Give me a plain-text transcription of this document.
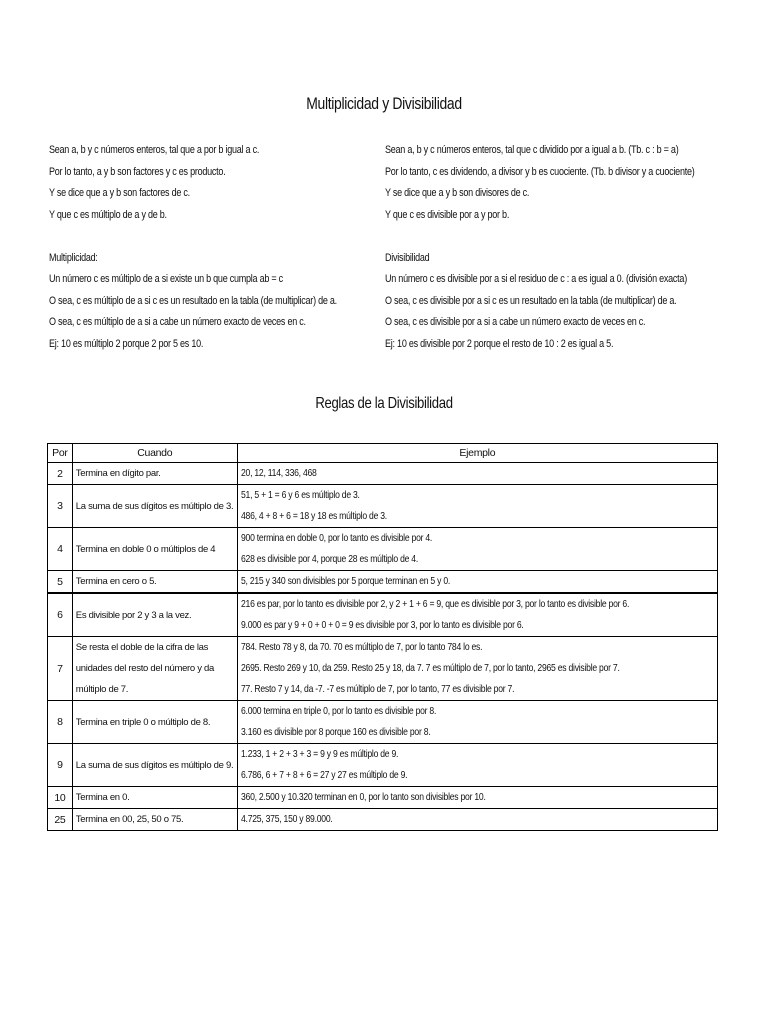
Multiplicidad y Divisibilidad
Sean a, b y c números enteros, tal que a por b igual a c.
Por lo tanto, a y b son factores y c es producto.
Y se dice que a y b son factores de c.
Y que c es múltiplo de a y de b.
Multiplicidad:
Un número c es múltiplo de a si existe un b que cumpla ab = c
O sea, c es múltiplo de a si c es un resultado en la tabla (de multiplicar) de a.
O sea, c es múltiplo de a si a cabe un número exacto de veces en c.
Ej: 10 es múltiplo 2 porque 2 por 5 es 10.
Sean a, b y c números enteros, tal que c dividido por a igual a b. (Tb. c : b = a)
Por lo tanto, c es dividendo, a divisor y b es cuociente. (Tb. b divisor y a cuociente)
Y se dice que a y b son divisores de c.
Y que c es divisible por a y por b.
Divisibilidad
Un número c es divisible por a si el residuo de c : a es igual a 0. (división exacta)
O sea, c es divisible por a si c es un resultado en la tabla (de multiplicar) de a.
O sea, c es divisible por a si a cabe un número exacto de veces en c.
Ej: 10 es divisible por 2 porque el resto de 10 : 2 es igual a 5.
Reglas de la Divisibilidad
Por	Cuando	Ejemplo
2	Termina en dígito par.	20, 12, 114, 336, 468

3	La suma de sus dígitos es múltiplo de 3.	51, 5 + 1 = 6 y 6 es múltiplo de 3.
486, 4 + 8 + 6 = 18 y 18 es múltiplo de 3.

4	Termina en doble 0 o múltiplos de 4	900 termina en doble 0, por lo tanto es divisible por 4.
628 es divisible por 4, porque 28 es múltiplo de 4.

5	Termina en cero o 5.	5, 215 y 340 son divisibles por 5 porque terminan en 5 y 0.

6	Es divisible por 2 y 3 a la vez.	216 es par, por lo tanto es divisible por 2, y 2 + 1 + 6 = 9, que es divisible por 3, por lo tanto es divisible por 6.
9.000 es par y 9 + 0 + 0 + 0 = 9 es divisible por 3, por lo tanto es divisible por 6.

7	Se resta el doble de la cifra de las unidades del resto del número y da múltiplo de 7.	784. Resto 78 y 8, da 70. 70 es múltiplo de 7, por lo tanto 784 lo es.
2695. Resto 269 y 10, da 259. Resto 25 y 18, da 7. 7 es múltiplo de 7, por lo tanto, 2965 es divisible por 7.
77. Resto 7 y 14, da -7. -7 es múltiplo de 7, por lo tanto, 77 es divisible por 7.

8	Termina en triple 0 o múltiplo de 8.	6.000 termina en triple 0, por lo tanto es divisible por 8.
3.160 es divisible por 8 porque 160 es divisible por 8.

9	La suma de sus dígitos es múltiplo de 9.	1.233, 1 + 2 + 3 + 3 = 9 y 9 es múltiplo de 9.
6.786, 6 + 7 + 8 + 6 = 27 y 27 es múltiplo de 9.

10	Termina en 0.	360, 2.500 y 10.320 terminan en 0, por lo tanto son divisibles por 10.

25	Termina en 00, 25, 50 o 75.	4.725, 375, 150 y 89.000.
